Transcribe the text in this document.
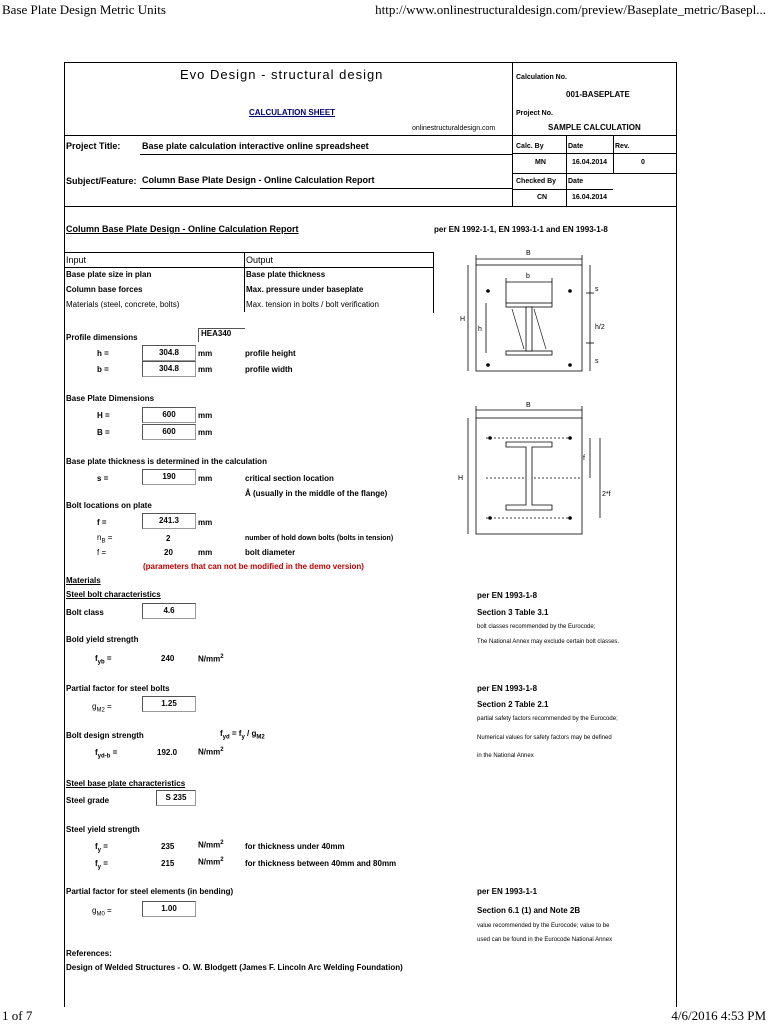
Base Plate Design Metric Units	http://www.onlinestructuraldesign.com/preview/Baseplate_metric/Basepl...
Evo Design - structural design
CALCULATION SHEET
onlinestructuraldesign.com
Calculation No.
001-BASEPLATE
Project No.
SAMPLE CALCULATION
Project Title: Base plate calculation interactive online spreadsheet
Subject/Feature: Column Base Plate Design - Online Calculation Report
Calc. By	Date	Rev.
MN	16.04.2014	0
Checked By Date
CN	16.04.2014
Column Base Plate Design - Online Calculation Report	per EN 1992-1-1, EN 1993-1-1 and EN 1993-1-8
Input	Output
Base plate size in plan	Base plate thickness
Column base forces	Max. pressure under baseplate
Materials (steel, concrete, bolts)	Max. tension in bolts / bolt verification
Profile dimensions	HEA340
h =	304.8	mm	profile height
b =	304.8	mm	profile width
Base Plate Dimensions
H =	600	mm
B =	600	mm
Base plate thickness is determined in the calculation
s =	190	mm	critical section location
Â (usually in the middle of the flange)
Bolt locations on plate
f =	241.3	mm
$n_B$ =	2	number of hold down bolts (bolts in tension)
f =	20	mm	bolt diameter
(parameters that can not be modified in the demo version)
Materials
Steel bolt characteristics
Bolt class	4.6
per EN 1993-1-8
Section 3 Table 3.1
bolt classes recommended by the Eurocode;
The National Annex may exclude certain bolt classes.
Bold yield strength
$f_{yb}$ =	240	$N/mm^2$
Partial factor for steel bolts
$g_{M2}$ =	1.25
per EN 1993-1-8
Section 2 Table 2.1
partial safety factors recommended by the Eurocode;
Numerical values for safety factors may be defined
in the National Annex
Bolt design strength	$f_{yd} = f_y / g_{M2}$
$f_{yd-b}$ =	192.0	$N/mm^2$
Steel base plate characteristics
Steel grade	S 235
Steel yield strength
$f_y$ =	235	$N/mm^2$	for thickness under 40mm
$f_y$ =	215	$N/mm^2$	for thickness between 40mm and 80mm
Partial factor for steel elements (in bending)
$g_{M0}$ =	1.00
per EN 1993-1-1
Section 6.1 (1) and Note 2B
value recommended by the Eurocode; value to be
used can be found in the Eurocode National Annex
References:
Design of Welded Structures - O. W. Blodgett (James F. Lincoln Arc Welding Foundation)
B
b
H
h
s
h/2
s
B
H
f
2*f
1 of 7	4/6/2016 4:53 PM
